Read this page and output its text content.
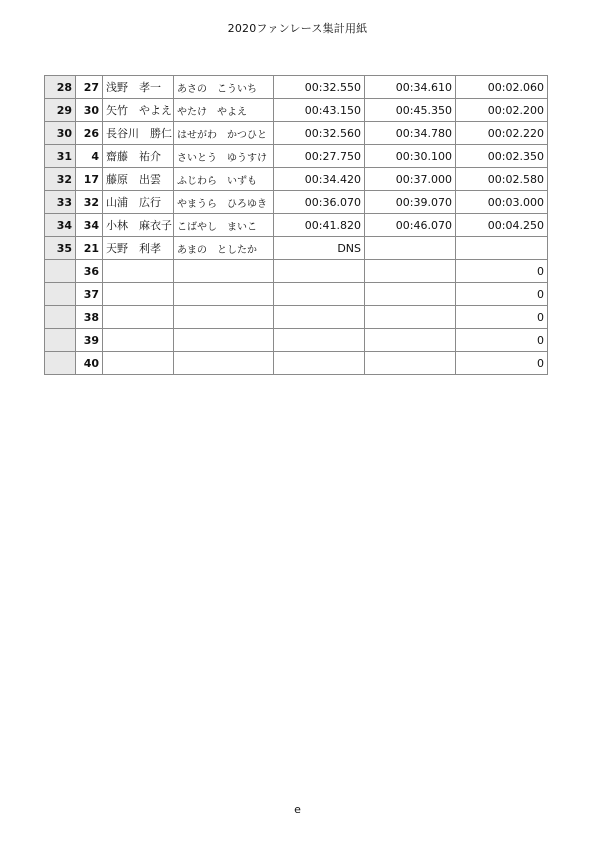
2020ファンレース集計用紙
28	27	浅野　孝一	あさの　こういち	00:32.550	00:34.610	00:02.060
29	30	矢竹　やよえ	やたけ　やよえ	00:43.150	00:45.350	00:02.200
30	26	長谷川　勝仁	はせがわ　かつひと	00:32.560	00:34.780	00:02.220
31	4	齋藤　祐介	さいとう　ゆうすけ	00:27.750	00:30.100	00:02.350
32	17	藤原　出雲	ふじわら　いずも	00:34.420	00:37.000	00:02.580
33	32	山浦　広行	やまうら　ひろゆき	00:36.070	00:39.070	00:03.000
34	34	小林　麻衣子	こばやし　まいこ	00:41.820	00:46.070	00:04.250
35	21	天野　利孝	あまの　としたか	DNS		
	36					0
	37					0
	38					0
	39					0
	40					0
e
